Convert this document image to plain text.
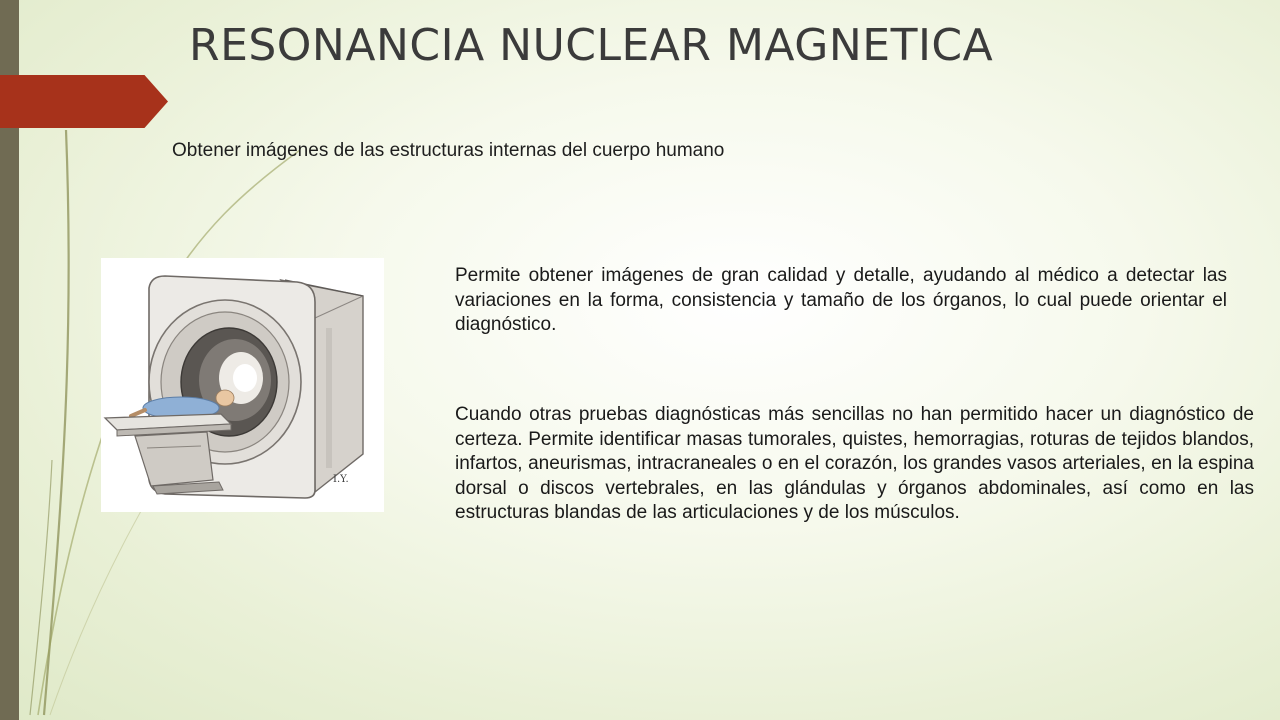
RESONANCIA NUCLEAR MAGNETICA
Obtener imágenes de las estructuras internas del cuerpo humano
I.Y.

Permite obtener imágenes de gran calidad y detalle, ayudando al médico a detectar las variaciones en la forma, consistencia y tamaño de los órganos, lo cual puede orientar el diagnóstico.

Cuando otras pruebas diagnósticas más sencillas no han permitido hacer un diagnóstico de certeza. Permite identificar masas tumorales, quistes, hemorragias, roturas de tejidos blandos, infartos, aneurismas, intracraneales o en el corazón, los grandes vasos arteriales, en la espina dorsal o discos vertebrales, en las glándulas y órganos abdominales, así como en las estructuras blandas de las articulaciones y de los músculos.
